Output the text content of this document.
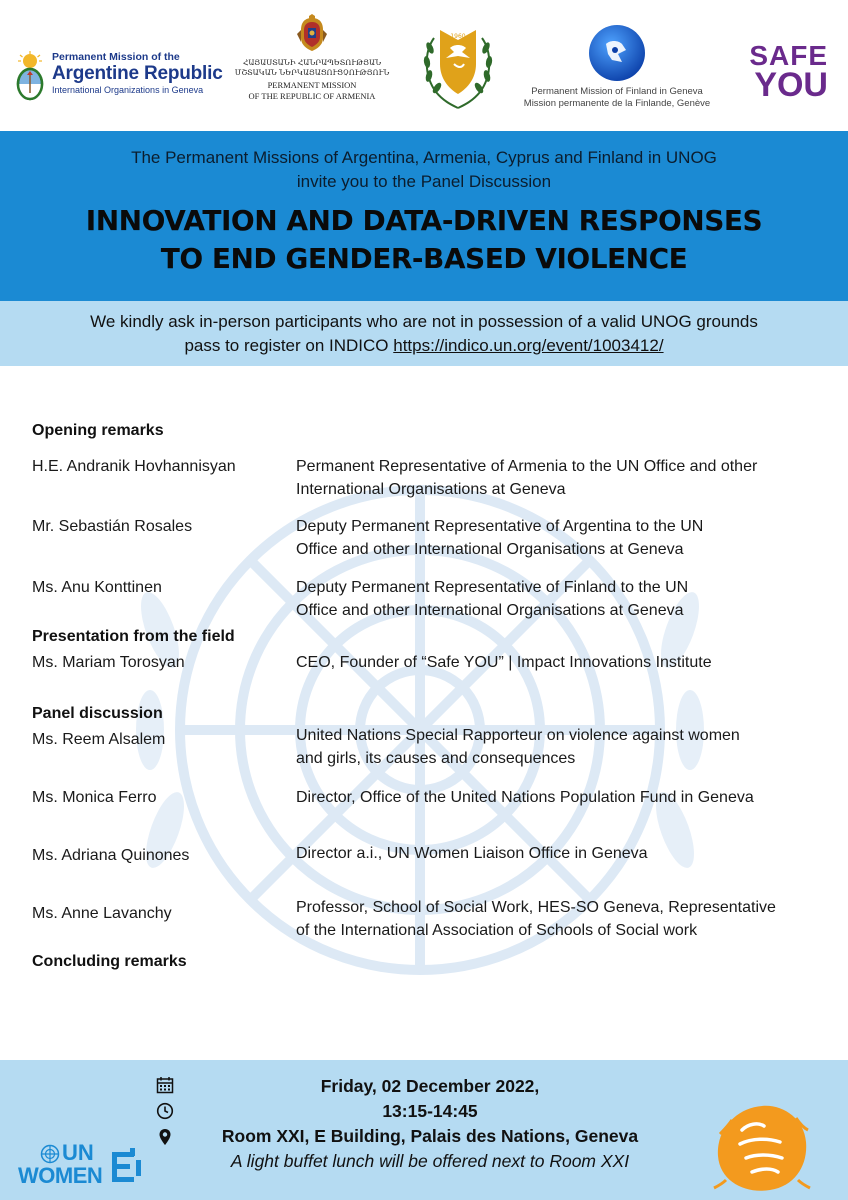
Permanent Mission of the
Argentine Republic
International Organizations in Geneva
ՀԱՅԱՍՏԱՆԻ ՀԱՆՐԱՊԵՏՈՒԹՅԱՆ
ՄՇՏԱԿԱՆ ՆԵՐԿԱՅԱՑՈՒՑՉՈՒԹՅՈՒՆ
PERMANENT MISSION
OF THE REPUBLIC OF ARMENIA
1960
Permanent Mission of Finland in Geneva
Mission permanente de la Finlande, Genève
SAFE
YOU
The Permanent Missions of Argentina, Armenia, Cyprus and Finland in UNOG
invite you to the Panel Discussion
INNOVATION AND DATA-DRIVEN RESPONSES
TO END GENDER-BASED VIOLENCE
We kindly ask in-person participants who are not in possession of a valid UNOG grounds
pass to register on INDICO https://indico.un.org/event/1003412/
Opening remarks
H.E. Andranik Hovhannisyan	Permanent Representative of Armenia to the UN Office and other
International Organisations at Geneva
Mr. Sebastián Rosales	Deputy Permanent Representative of Argentina to the UN
Office and other International Organisations at Geneva
Ms. Anu Konttinen	Deputy Permanent Representative of Finland to the UN
Office and other International Organisations at Geneva
Presentation from the field
Ms. Mariam Torosyan	CEO, Founder of “Safe YOU” | Impact Innovations Institute
Panel discussion
Ms. Reem Alsalem	United Nations Special Rapporteur on violence against women
and girls, its causes and consequences
Ms. Monica Ferro	Director, Office of the United Nations Population Fund in Geneva
Ms. Adriana Quinones	Director a.i., UN Women Liaison Office in Geneva
Ms. Anne Lavanchy	Professor, School of Social Work, HES-SO Geneva, Representative
of the International Association of Schools of Social work
Concluding remarks
Friday, 02 December 2022,
13:15-14:45
Room XXI, E Building, Palais des Nations, Geneva
A light buffet lunch will be offered next to Room XXI
UN
WOMEN
